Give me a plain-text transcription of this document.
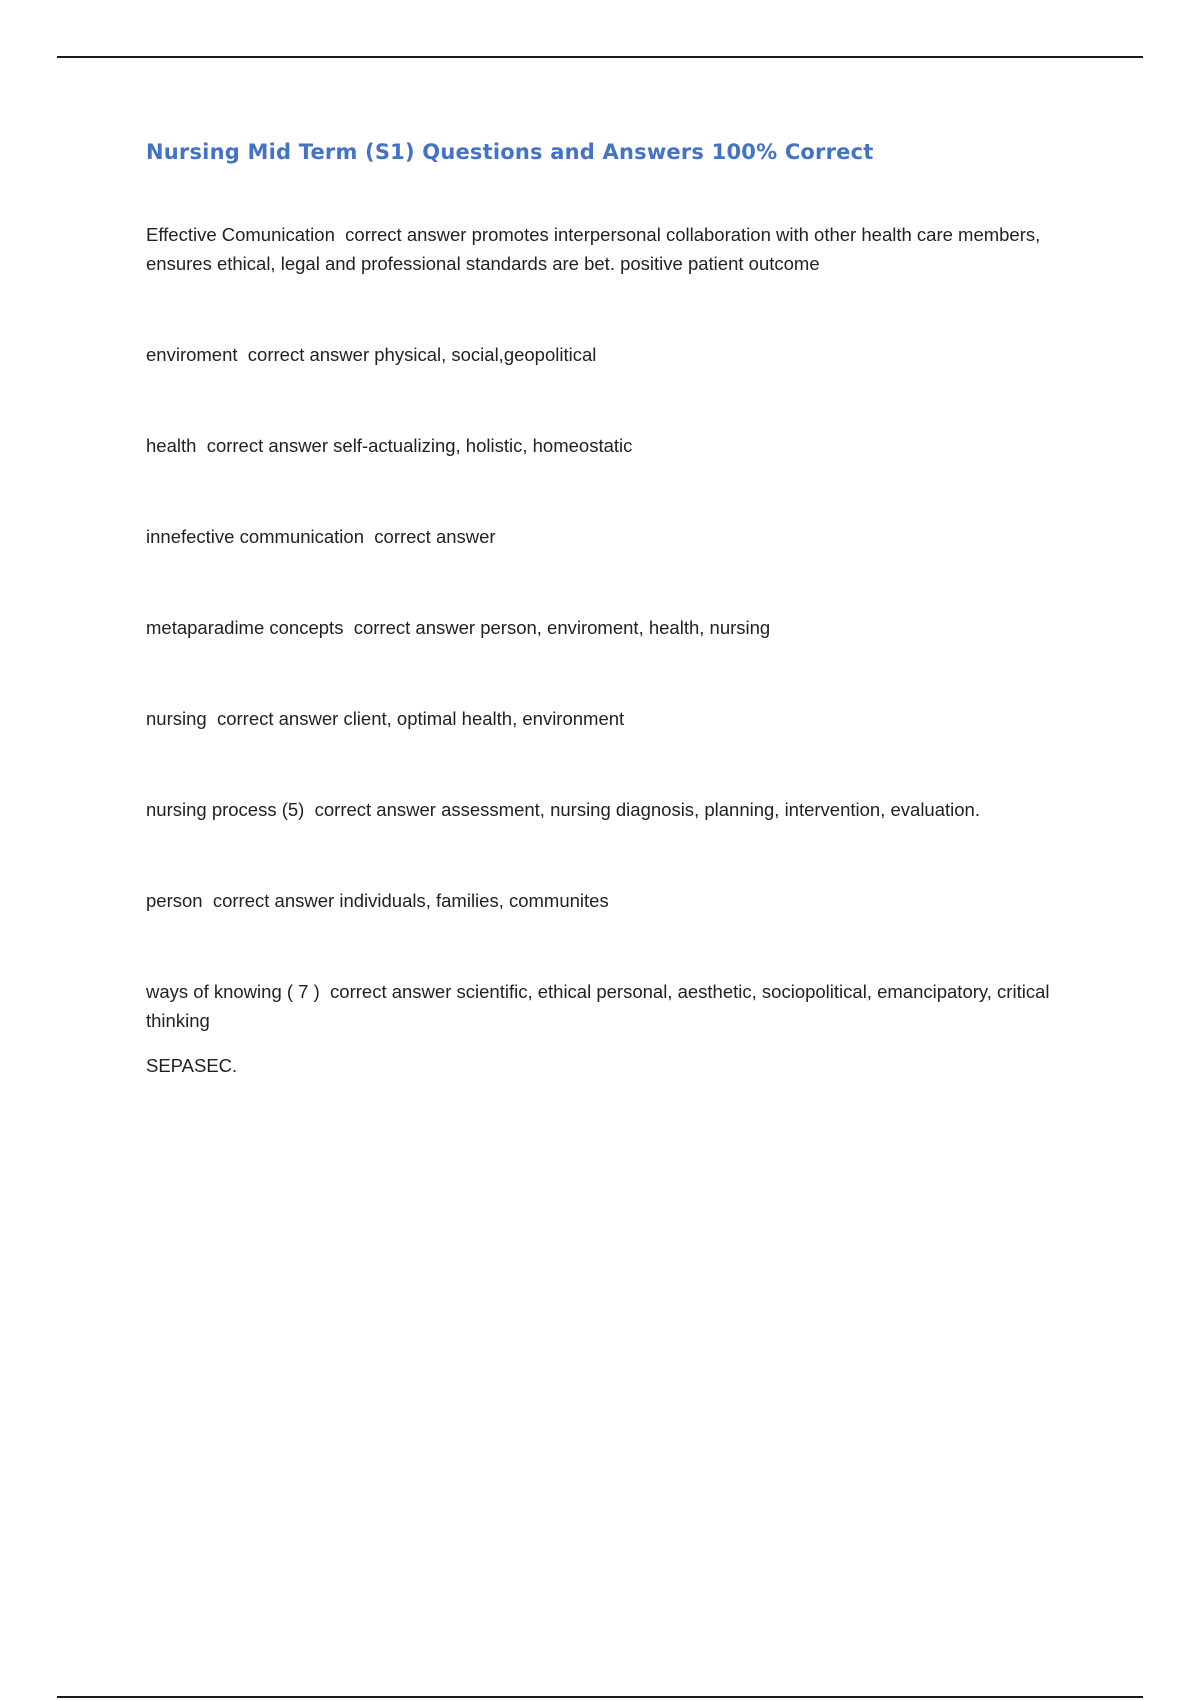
Nursing Mid Term (S1) Questions and Answers 100% Correct

Effective Comunication correct answer promotes interpersonal collaboration with other health care members, ensures ethical, legal and professional standards are bet. positive patient outcome

enviroment correct answer physical, social,geopolitical

health correct answer self-actualizing, holistic, homeostatic

innefective communication correct answer

metaparadime concepts correct answer person, enviroment, health, nursing

nursing correct answer client, optimal health, environment

nursing process (5) correct answer assessment, nursing diagnosis, planning, intervention, evaluation.

person correct answer individuals, families, communites

ways of knowing ( 7 ) correct answer scientific, ethical personal, aesthetic, sociopolitical, emancipatory, critical thinking

SEPASEC.
